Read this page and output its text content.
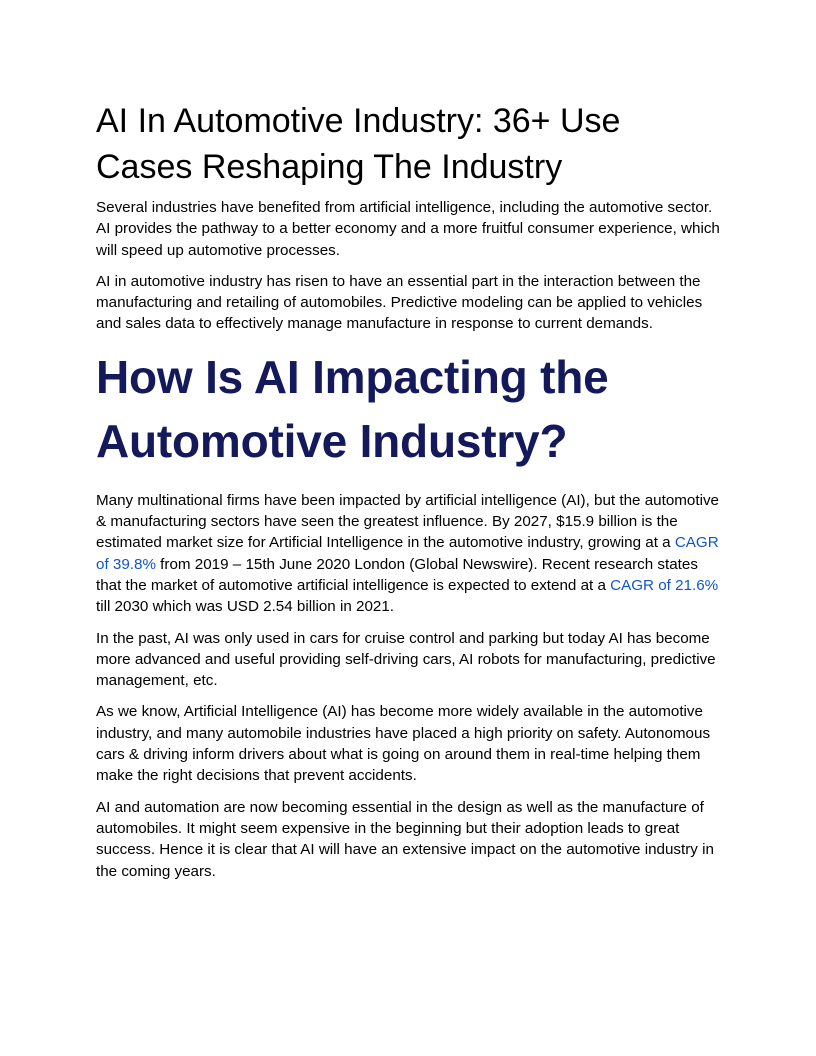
AI In Automotive Industry: 36+ Use Cases Reshaping The Industry

Several industries have benefited from artificial intelligence, including the automotive sector. AI provides the pathway to a better economy and a more fruitful consumer experience, which will speed up automotive processes.

AI in automotive industry has risen to have an essential part in the interaction between the manufacturing and retailing of automobiles. Predictive modeling can be applied to vehicles and sales data to effectively manage manufacture in response to current demands.

How Is AI Impacting the Automotive Industry?

Many multinational firms have been impacted by artificial intelligence (AI), but the automotive & manufacturing sectors have seen the greatest influence. By 2027, $15.9 billion is the estimated market size for Artificial Intelligence in the automotive industry, growing at a CAGR of 39.8% from 2019 – 15th June 2020 London (Global Newswire). Recent research states that the market of automotive artificial intelligence is expected to extend at a CAGR of 21.6% till 2030 which was USD 2.54 billion in 2021.

In the past, AI was only used in cars for cruise control and parking but today AI has become more advanced and useful providing self-driving cars, AI robots for manufacturing, predictive management, etc.

As we know, Artificial Intelligence (AI) has become more widely available in the automotive industry, and many automobile industries have placed a high priority on safety. Autonomous cars & driving inform drivers about what is going on around them in real-time helping them make the right decisions that prevent accidents.

AI and automation are now becoming essential in the design as well as the manufacture of automobiles. It might seem expensive in the beginning but their adoption leads to great success. Hence it is clear that AI will have an extensive impact on the automotive industry in the coming years.
